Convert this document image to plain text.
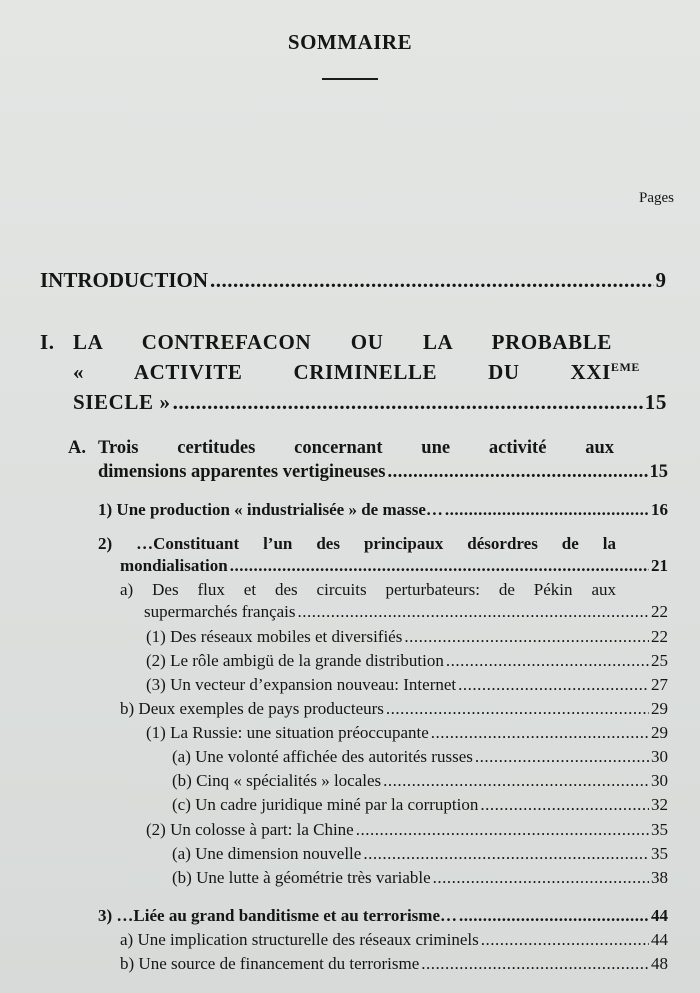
SOMMAIRE
Pages
INTRODUCTION .....	9
I. LA CONTREFACON OU LA PROBABLE
« ACTIVITE CRIMINELLE DU XXIEME
SIECLE » .....	15
A. Trois certitudes concernant une activité aux
dimensions apparentes vertigineuses .....	15
1) Une production « industrialisée » de masse… .....	16
2) …Constituant l’un des principaux désordres de la
mondialisation .....	21
a) Des flux et des circuits perturbateurs: de Pékin aux
supermarchés français .....	22
(1) Des réseaux mobiles et diversifiés .....	22
(2) Le rôle ambigü de la grande distribution .....	25
(3) Un vecteur d’expansion nouveau: Internet .....	27
b) Deux exemples de pays producteurs .....	29
(1) La Russie: une situation préoccupante .....	29
(a) Une volonté affichée des autorités russes .....	30
(b) Cinq « spécialités » locales .....	30
(c) Un cadre juridique miné par la corruption .....	32
(2) Un colosse à part: la Chine .....	35
(a) Une dimension nouvelle .....	35
(b) Une lutte à géométrie très variable .....	38
3) …Liée au grand banditisme et au terrorisme… .....	44
a) Une implication structurelle des réseaux criminels .....	44
b) Une source de financement du terrorisme .....	48
